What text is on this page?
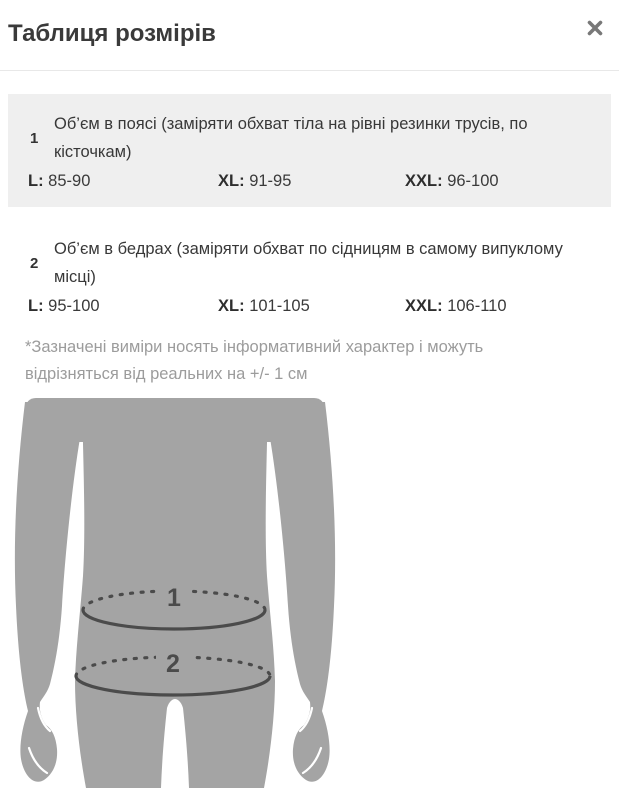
Таблиця розмірів
1

Об’єм в поясі (заміряти обхват тіла на рівні резинки трусів, по кісточкам)

L: 85-90	XL: 91-95	XXL: 96-100
2

Об’єм в бедрах (заміряти обхват по сідницям в самому випуклому місці)

L: 95-100	XL: 101-105	XXL: 106-110

*Зазначені виміри носять інформативний характер і можуть відрізняться від реальних на +/- 1 см

1
2
